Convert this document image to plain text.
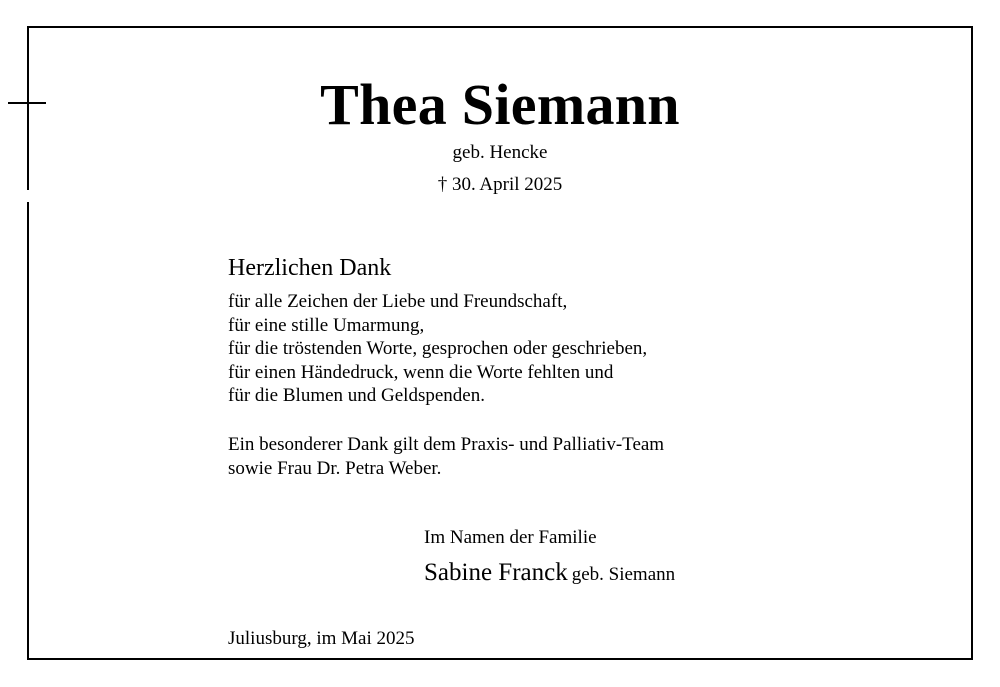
Thea Siemann
geb. Hencke
† 30. April 2025
Herzlichen Dank
für alle Zeichen der Liebe und Freundschaft,
für eine stille Umarmung,
für die tröstenden Worte, gesprochen oder geschrieben,
für einen Händedruck, wenn die Worte fehlten und
für die Blumen und Geldspenden.
Ein besonderer Dank gilt dem Praxis- und Palliativ-Team
sowie Frau Dr. Petra Weber.
Im Namen der Familie
Sabine Franck geb. Siemann
Juliusburg, im Mai 2025
